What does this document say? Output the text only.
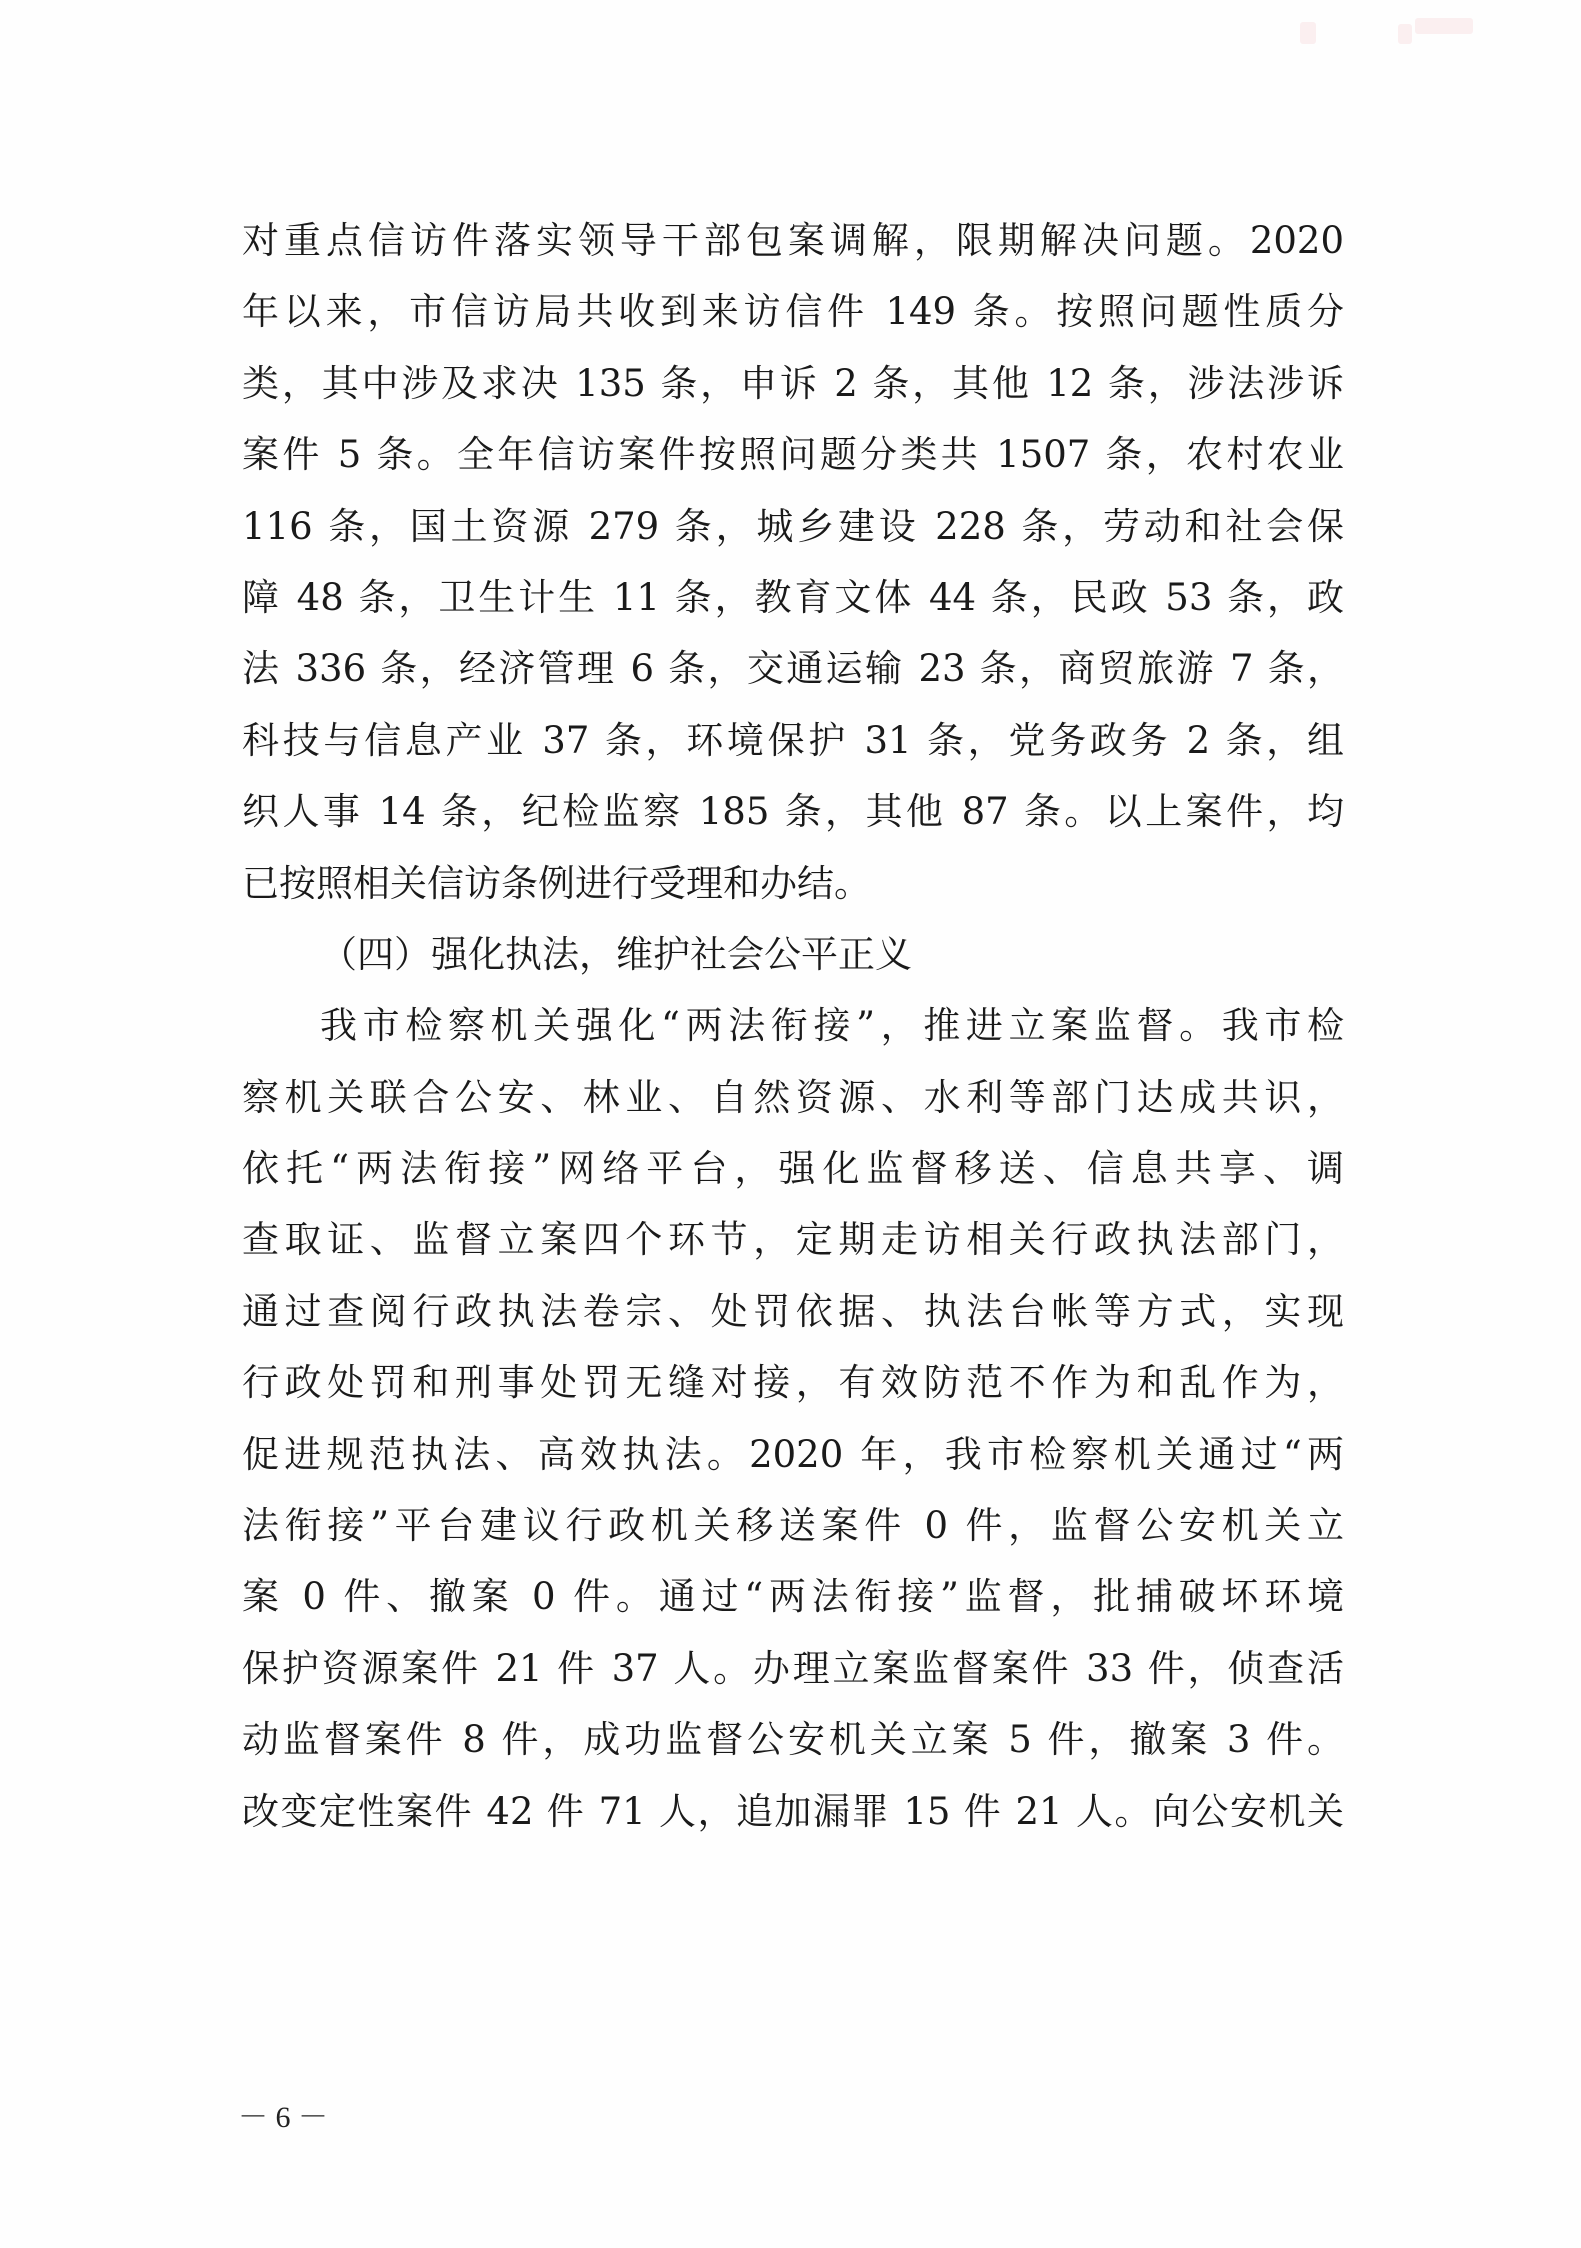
对重点信访件落实领导干部包案调解，限期解决问题。2020
年以来，市信访局共收到来访信件 149 条。按照问题性质分
类，其中涉及求决 135 条，申诉 2 条，其他 12 条，涉法涉诉
案件 5 条。全年信访案件按照问题分类共 1507 条，农村农业
116 条，国土资源 279 条，城乡建设 228 条，劳动和社会保
障 48 条，卫生计生 11 条，教育文体 44 条，民政 53 条，政
法 336 条，经济管理 6 条，交通运输 23 条，商贸旅游 7 条，
科技与信息产业 37 条，环境保护 31 条，党务政务 2 条，组
织人事 14 条，纪检监察 185 条，其他 87 条。以上案件，均
已按照相关信访条例进行受理和办结。
（四）强化执法，维护社会公平正义
我市检察机关强化“两法衔接”，推进立案监督。我市检
察机关联合公安、林业、自然资源、水利等部门达成共识，
依托“两法衔接”网络平台，强化监督移送、信息共享、调
查取证、监督立案四个环节，定期走访相关行政执法部门，
通过查阅行政执法卷宗、处罚依据、执法台帐等方式，实现
行政处罚和刑事处罚无缝对接，有效防范不作为和乱作为，
促进规范执法、高效执法。2020 年，我市检察机关通过“两
法衔接”平台建议行政机关移送案件 0 件，监督公安机关立
案 0 件、撤案 0 件。通过“两法衔接”监督，批捕破坏环境
保护资源案件 21 件 37 人。办理立案监督案件 33 件，侦查活
动监督案件 8 件，成功监督公安机关立案 5 件，撤案 3 件。
改变定性案件 42 件 71 人，追加漏罪 15 件 21 人。向公安机关
－ 6 －
